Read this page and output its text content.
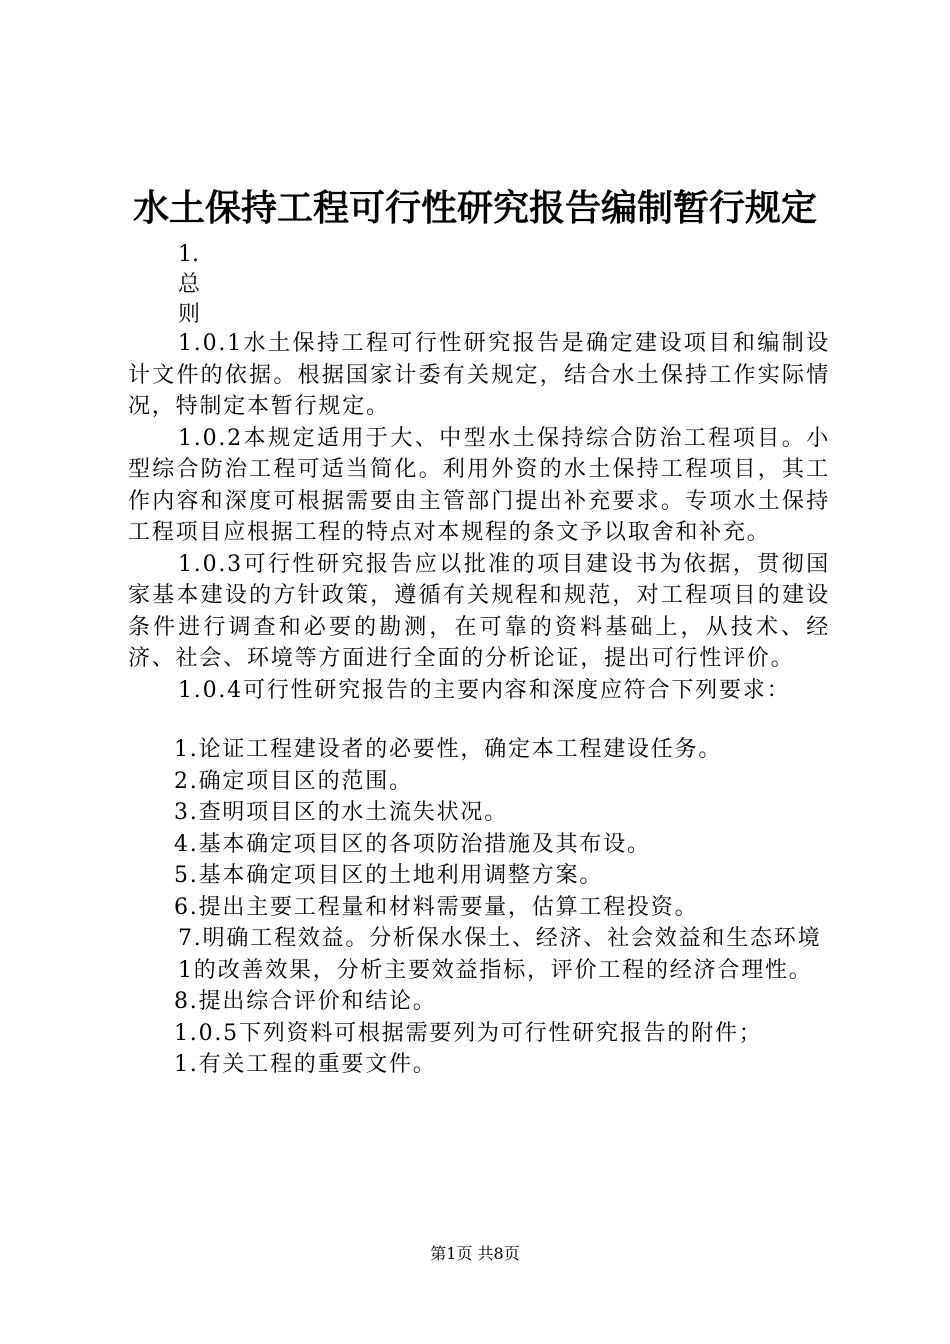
水土保持工程可行性研究报告编制暂行规定
1.
总
则

1.0.1水土保持工程可行性研究报告是确定建设项目和编制设计文件的依据。根据国家计委有关规定，结合水土保持工作实际情况，特制定本暂行规定。

1.0.2本规定适用于大、中型水土保持综合防治工程项目。小型综合防治工程可适当简化。利用外资的水土保持工程项目，其工作内容和深度可根据需要由主管部门提出补充要求。专项水土保持工程项目应根据工程的特点对本规程的条文予以取舍和补充。

1.0.3可行性研究报告应以批准的项目建设书为依据，贯彻国家基本建设的方针政策，遵循有关规程和规范，对工程项目的建设条件进行调查和必要的勘测，在可靠的资料基础上，从技术、经济、社会、环境等方面进行全面的分析论证，提出可行性评价。

1.0.4可行性研究报告的主要内容和深度应符合下列要求：

1.论证工程建设者的必要性，确定本工程建设任务。

2.确定项目区的范围。

3.查明项目区的水土流失状况。

4.基本确定项目区的各项防治措施及其布设。

5.基本确定项目区的土地利用调整方案。

6.提出主要工程量和材料需要量，估算工程投资。

7.明确工程效益。分析保水保土、经济、社会效益和生态环境

1的改善效果，分析主要效益指标，评价工程的经济合理性。

8.提出综合评价和结论。

1.0.5下列资料可根据需要列为可行性研究报告的附件；

1.有关工程的重要文件。

第1页 共8页
